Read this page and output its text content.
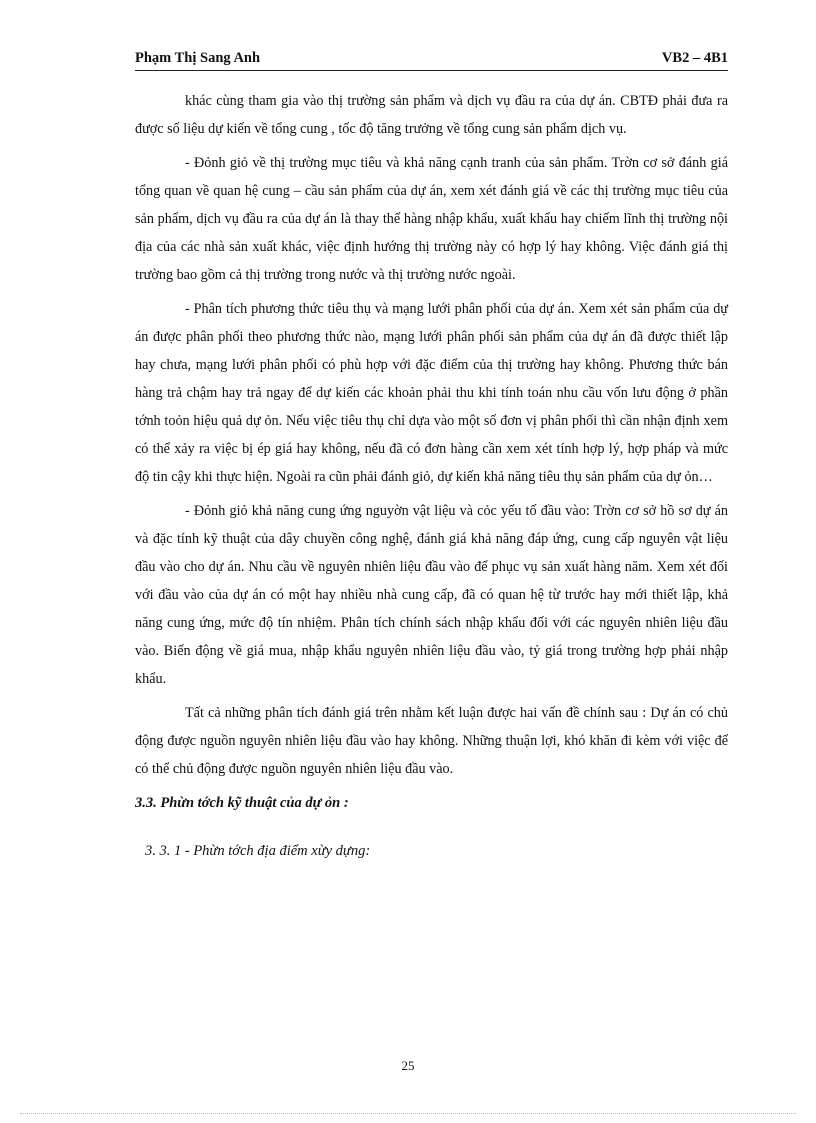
Phạm Thị Sang Anh	VB2 – 4B1

khác cùng tham gia vào thị trường sản phẩm và dịch vụ đầu ra của dự án. CBTĐ phải đưa ra được số liệu dự kiến về tổng cung , tốc độ tăng trưởng về tổng cung sản phẩm dịch vụ.

- Đỏnh giỏ về thị trường mục tiêu và khả năng cạnh tranh của sản phẩm. Trờn cơ sở đánh giá tổng quan về quan hệ cung – cầu sản phẩm của dự án, xem xét đánh giá về các thị trường mục tiêu của sản phẩm, dịch vụ đầu ra của dự án là thay thế hàng nhập khẩu, xuất khẩu hay chiếm lĩnh thị trường nội địa của các nhà sản xuất khác, việc định hướng thị trường này có hợp lý hay không. Việc đánh giá thị trường bao gồm cả thị trường trong nước và thị trường nước ngoài.

- Phân tích phương thức tiêu thụ và mạng lưới phân phối của dự án. Xem xét sản phẩm của dự án được phân phối theo phương thức nào, mạng lưới phân phối sản phẩm của dự án đã được thiết lập hay chưa, mạng lưới phân phối có phù hợp với đặc điểm của thị trường hay không. Phương thức bán hàng trả chậm hay trả ngay để dự kiến các khoản phải thu khi tính toán nhu cầu vốn lưu động ở phần tớnh toỏn hiệu quả dự ỏn. Nếu việc tiêu thụ chỉ dựa vào một số đơn vị phân phối thì cần nhận định xem có thể xảy ra việc bị ép giá hay không, nếu đã có đơn hàng cần xem xét tính hợp lý, hợp pháp và mức độ tin cậy khi thực hiện. Ngoài ra cũn phải đánh giỏ, dự kiến khả năng tiêu thụ sản phẩm của dự ỏn…

- Đỏnh giỏ khả năng cung ứng nguyờn vật liệu và cỏc yếu tố đầu vào: Trờn cơ sở hồ sơ dự án và đặc tính kỹ thuật của dây chuyền công nghệ, đánh giá khả năng đáp ứng, cung cấp nguyên vật liệu đầu vào cho dự án. Nhu cầu về nguyên nhiên liệu đầu vào để phục vụ sản xuất hàng năm. Xem xét đối với đầu vào của dự án có một hay nhiều nhà cung cấp, đã có quan hệ từ trước hay mới thiết lập, khả năng cung ứng, mức độ tín nhiệm. Phân tích chính sách nhập khẩu đối với các nguyên nhiên liệu đầu vào. Biến động về giá mua, nhập khẩu nguyên nhiên liệu đầu vào, tỷ giá trong trường hợp phải nhập khẩu.

Tất cả những phân tích đánh giá trên nhằm kết luận được hai vấn đề chính sau : Dự án có chủ động được nguồn nguyên nhiên liệu đầu vào hay không. Những thuận lợi, khó khăn đi kèm với việc để có thể chủ động được nguồn nguyên nhiên liệu đầu vào.

3.3. Phừn tớch kỹ thuật của dự ỏn :

3. 3. 1 - Phừn tớch địa điểm xừy dựng:

25
